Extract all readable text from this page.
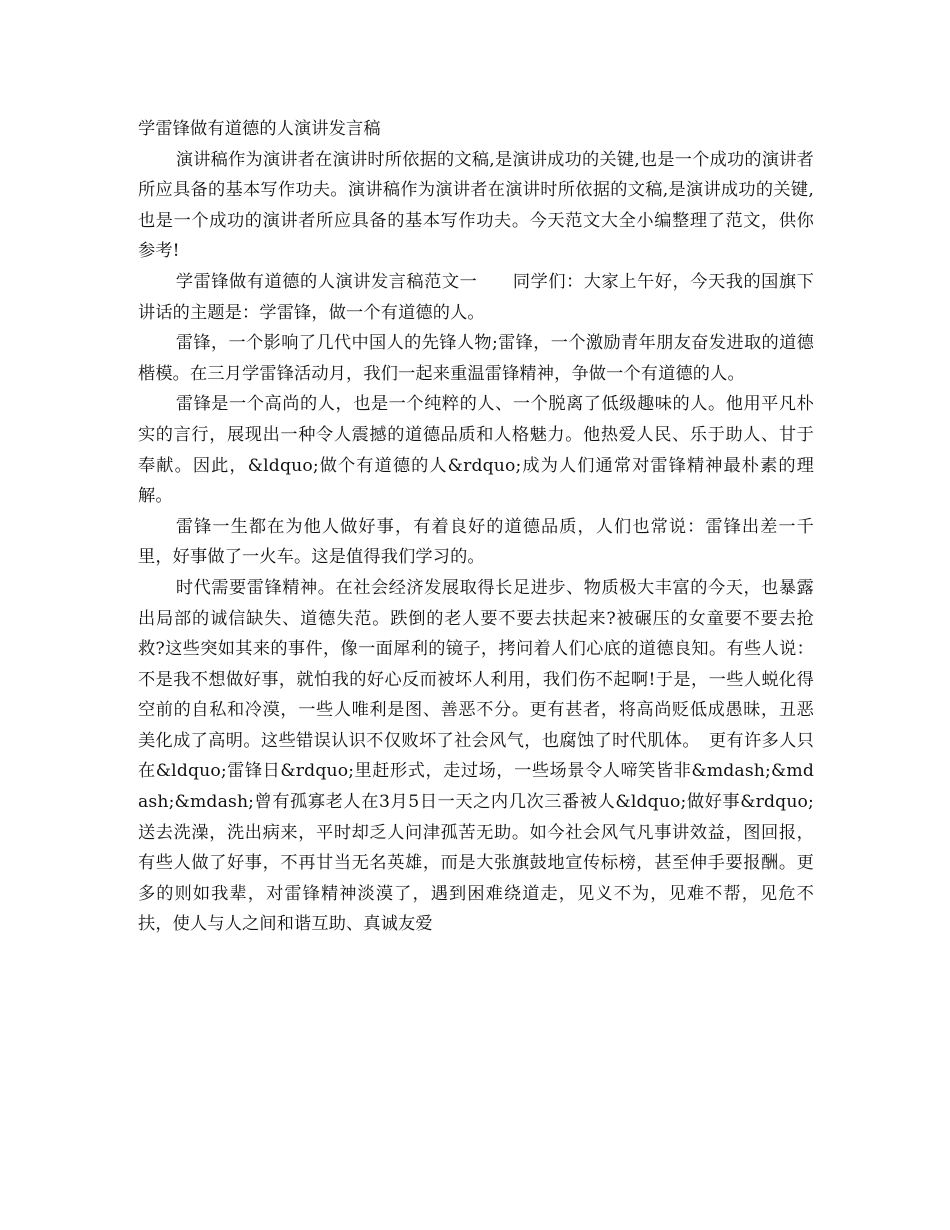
学雷锋做有道德的人演讲发言稿

演讲稿作为演讲者在演讲时所依据的文稿,是演讲成功的关键,也是一个成功的演讲者所应具备的基本写作功夫。演讲稿作为演讲者在演讲时所依据的文稿,是演讲成功的关键,也是一个成功的演讲者所应具备的基本写作功夫。今天范文大全小编整理了范文，供你参考!

学雷锋做有道德的人演讲发言稿范文一　　同学们：大家上午好，今天我的国旗下讲话的主题是：学雷锋，做一个有道德的人。

雷锋，一个影响了几代中国人的先锋人物;雷锋，一个激励青年朋友奋发进取的道德楷模。在三月学雷锋活动月，我们一起来重温雷锋精神，争做一个有道德的人。

雷锋是一个高尚的人，也是一个纯粹的人、一个脱离了低级趣味的人。他用平凡朴实的言行，展现出一种令人震撼的道德品质和人格魅力。他热爱人民、乐于助人、甘于奉献。因此，&ldquo;做个有道德的人&rdquo;成为人们通常对雷锋精神最朴素的理解。

雷锋一生都在为他人做好事，有着良好的道德品质，人们也常说：雷锋出差一千里，好事做了一火车。这是值得我们学习的。

时代需要雷锋精神。在社会经济发展取得长足进步、物质极大丰富的今天，也暴露出局部的诚信缺失、道德失范。跌倒的老人要不要去扶起来?被碾压的女童要不要去抢救?这些突如其来的事件，像一面犀利的镜子，拷问着人们心底的道德良知。有些人说：不是我不想做好事，就怕我的好心反而被坏人利用，我们伤不起啊!于是，一些人蜕化得空前的自私和冷漠，一些人唯利是图、善恶不分。更有甚者，将高尚贬低成愚昧，丑恶美化成了高明。这些错误认识不仅败坏了社会风气，也腐蚀了时代肌体。　更有许多人只在&ldquo;雷锋日&rdquo;里赶形式，走过场，一些场景令人啼笑皆非&mdash;&mdash;&mdash;曾有孤寡老人在3月5日一天之内几次三番被人&ldquo;做好事&rdquo;送去洗澡，洗出病来，平时却乏人问津孤苦无助。如今社会风气凡事讲效益，图回报，有些人做了好事，不再甘当无名英雄，而是大张旗鼓地宣传标榜，甚至伸手要报酬。更多的则如我辈，对雷锋精神淡漠了，遇到困难绕道走，见义不为，见难不帮，见危不扶，使人与人之间和谐互助、真诚友爱
